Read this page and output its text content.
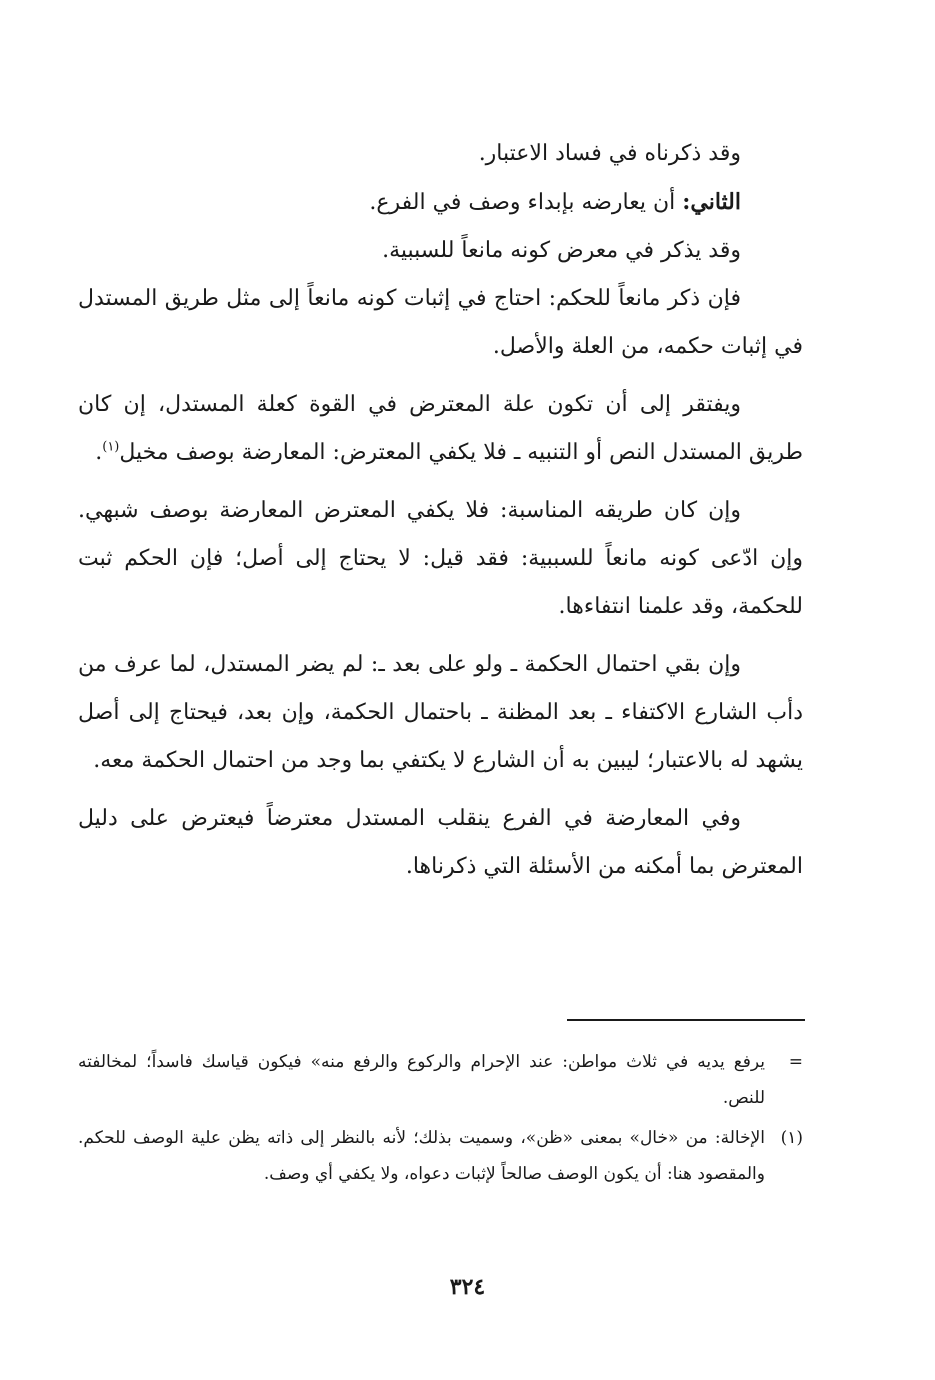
وقد ذكرناه في فساد الاعتبار.

الثاني: أن يعارضه بإبداء وصف في الفرع.

وقد يذكر في معرض كونه مانعاً للسببية.

فإن ذكر مانعاً للحكم: احتاج في إثبات كونه مانعاً إلى مثل طريق المستدل في إثبات حكمه، من العلة والأصل.

ويفتقر إلى أن تكون علة المعترض في القوة كعلة المستدل، إن كان طريق المستدل النص أو التنبيه ـ فلا يكفي المعترض: المعارضة بوصف مخيل$^{(١)}$.

وإن كان طريقه المناسبة: فلا يكفي المعترض المعارضة بوصف شبهي. وإن ادّعى كونه مانعاً للسببية: فقد قيل: لا يحتاج إلى أصل؛ فإن الحكم ثبت للحكمة، وقد علمنا انتفاءها.

وإن بقي احتمال الحكمة ـ ولو على بعد ـ: لم يضر المستدل، لما عرف من دأب الشارع الاكتفاء ـ بعد المظنة ـ باحتمال الحكمة، وإن بعد، فيحتاج إلى أصل يشهد له بالاعتبار؛ ليبين به أن الشارع لا يكتفي بما وجد من احتمال الحكمة معه.

وفي المعارضة في الفرع ينقلب المستدل معترضاً فيعترض على دليل المعترض بما أمكنه من الأسئلة التي ذكرناها.

=
يرفع يديه في ثلاث مواطن: عند الإحرام والركوع والرفع منه» فيكون قياسك فاسداً؛ لمخالفته للنص.
(١)
الإخالة: من «خال» بمعنى «ظن»، وسميت بذلك؛ لأنه بالنظر إلى ذاته يظن علية الوصف للحكم. والمقصود هنا: أن يكون الوصف صالحاً لإثبات دعواه، ولا يكفي أي وصف.
٣٢٤
